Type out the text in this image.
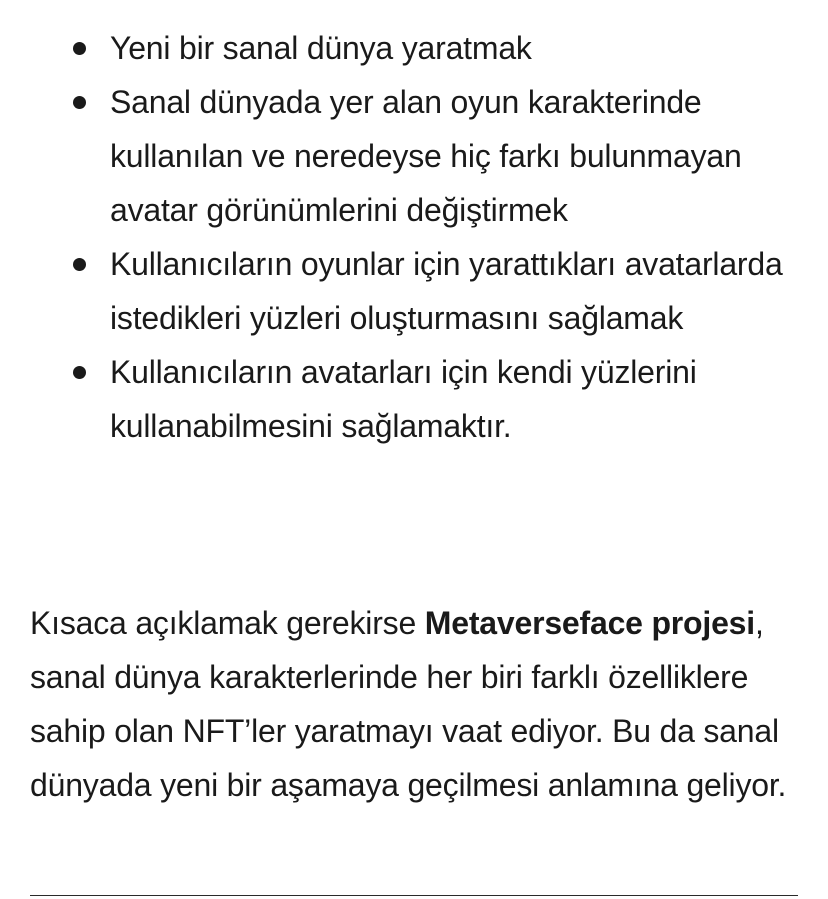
Yeni bir sanal dünya yaratmak
Sanal dünyada yer alan oyun karakterinde kullanılan ve neredeyse hiç farkı bulunmayan avatar görünümlerini değiştirmek
Kullanıcıların oyunlar için yarattıkları avatarlarda istedikleri yüzleri oluşturmasını sağlamak
Kullanıcıların avatarları için kendi yüzlerini kullanabilmesini sağlamaktır.

Kısaca açıklamak gerekirse Metaverseface projesi, sanal dünya karakterlerinde her biri farklı özelliklere sahip olan NFT’ler yaratmayı vaat ediyor. Bu da sanal dünyada yeni bir aşamaya geçilmesi anlamına geliyor.
